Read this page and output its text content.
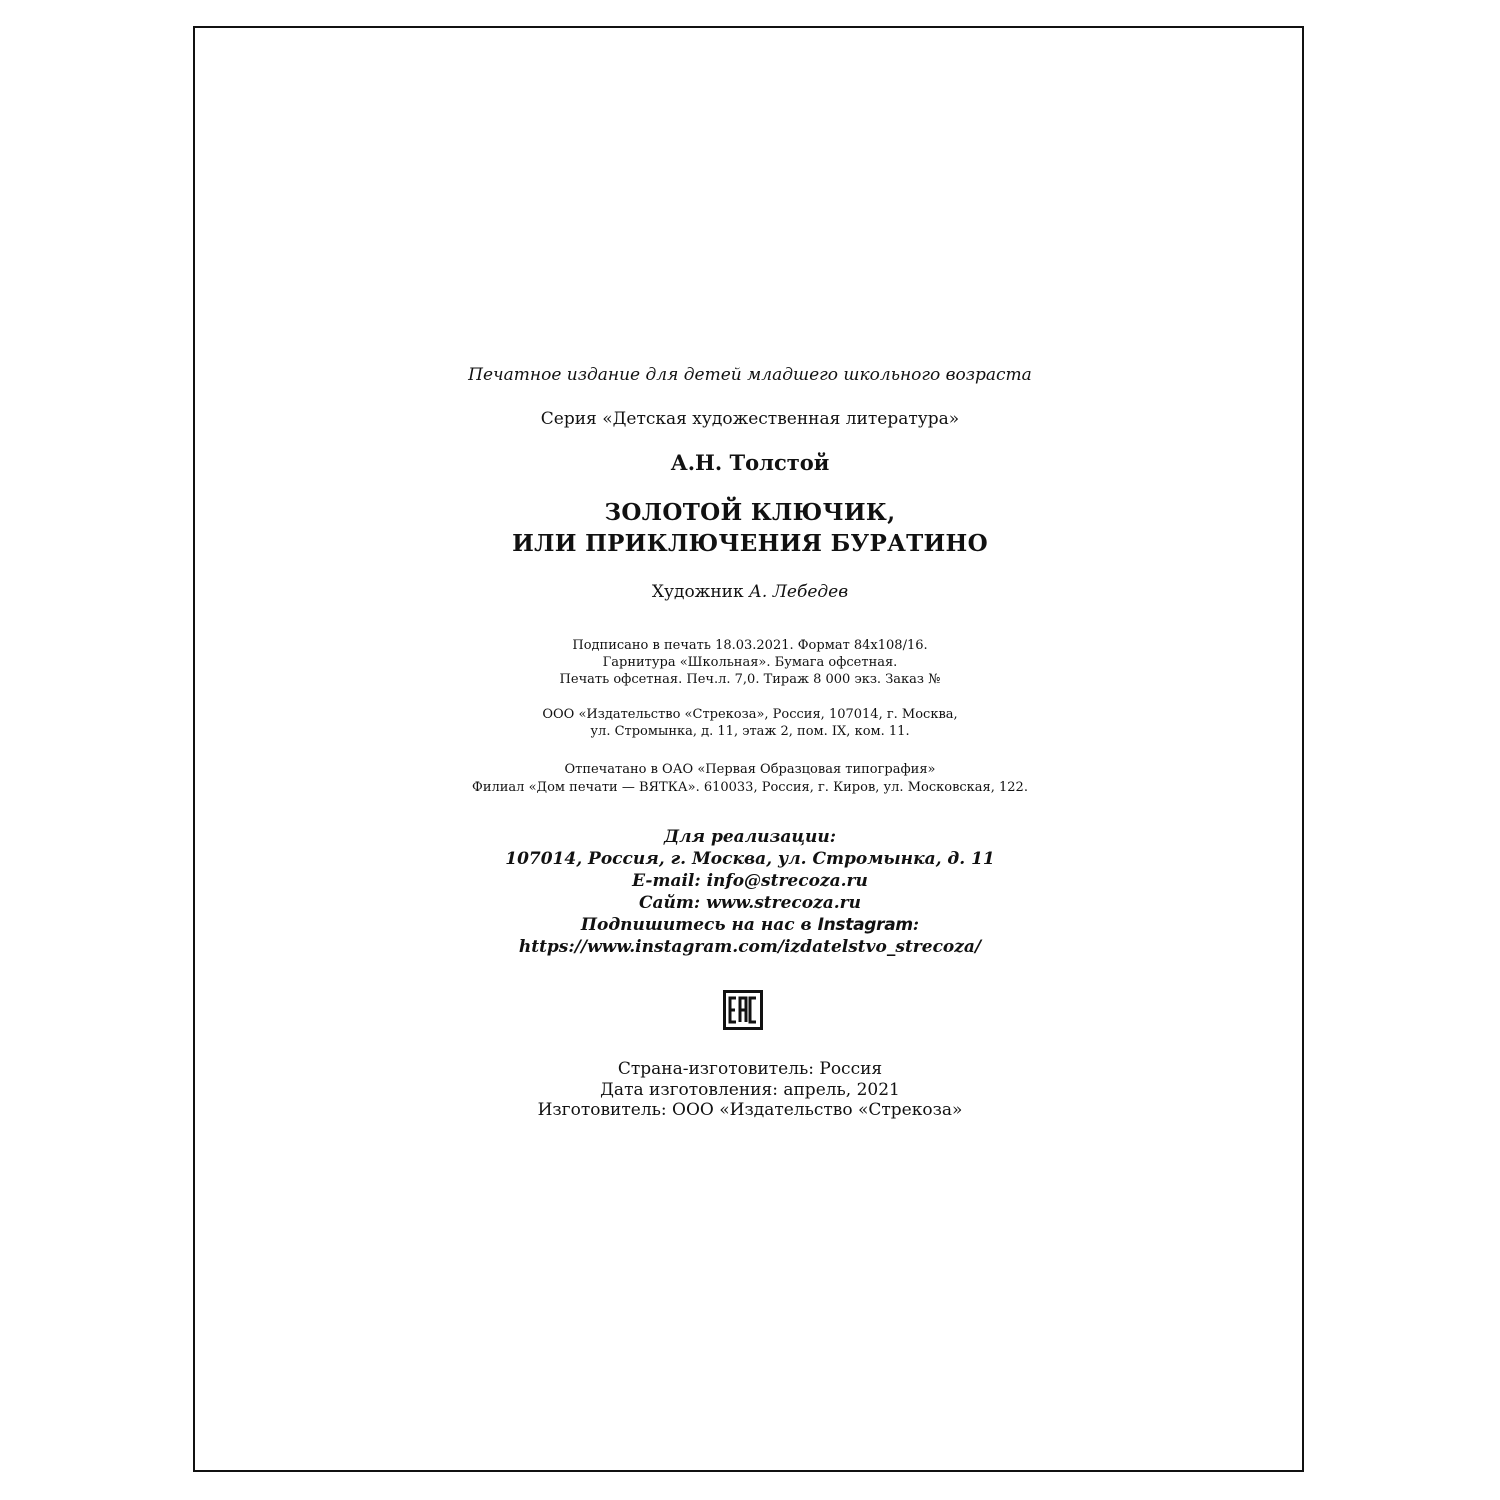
Печатное издание для детей младшего школьного возраста

Серия «Детская художественная литература»

А.Н. Толстой

ЗОЛОТОЙ КЛЮЧИК,

ИЛИ ПРИКЛЮЧЕНИЯ БУРАТИНО

Художник А. Лебедев

Подписано в печать 18.03.2021. Формат 84х108/16.

Гарнитура «Школьная». Бумага офсетная.

Печать офсетная. Печ.л. 7,0. Тираж 8 000 экз. Заказ №

ООО «Издательство «Стрекоза», Россия, 107014, г. Москва,

ул. Стромынка, д. 11, этаж 2, пом. IX, ком. 11.

Отпечатано в ОАО «Первая Образцовая типография»

Филиал «Дом печати — ВЯТКА». 610033, Россия, г. Киров, ул. Московская, 122.

Для реализации:

107014, Россия, г. Москва, ул. Стромынка, д. 11

E-mail: info@strecoza.ru

Сайт: www.strecoza.ru

Подпишитесь на нас в Instagram:

https://www.instagram.com/izdatelstvo_strecoza/

Страна-изготовитель: Россия

Дата изготовления: апрель, 2021

Изготовитель: ООО «Издательство «Стрекоза»
